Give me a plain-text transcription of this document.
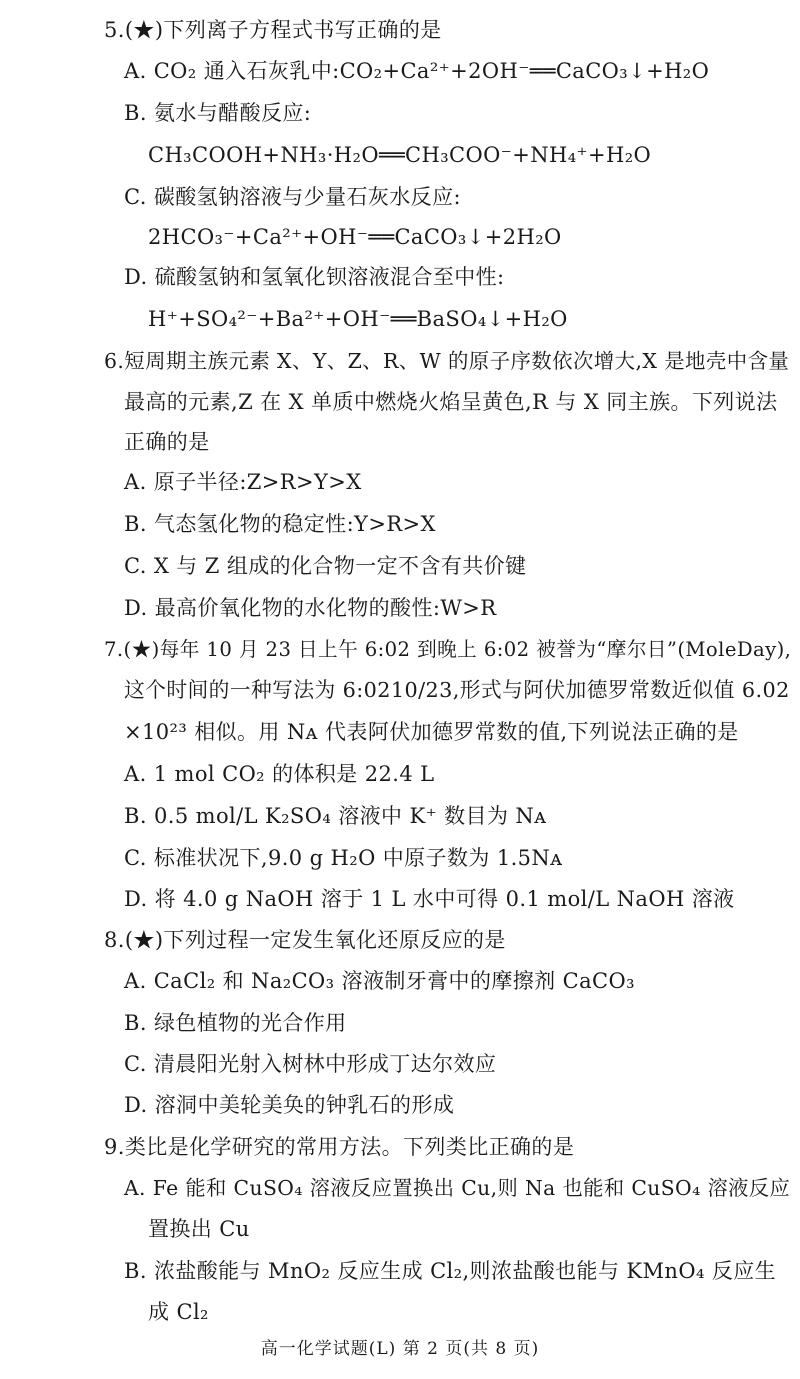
5.(★)下列离子方程式书写正确的是
A. CO₂ 通入石灰乳中:CO₂+Ca²⁺+2OH⁻══CaCO₃↓+H₂O
B. 氨水与醋酸反应:
CH₃COOH+NH₃·H₂O══CH₃COO⁻+NH₄⁺+H₂O
C. 碳酸氢钠溶液与少量石灰水反应:
2HCO₃⁻+Ca²⁺+OH⁻══CaCO₃↓+2H₂O
D. 硫酸氢钠和氢氧化钡溶液混合至中性:
H⁺+SO₄²⁻+Ba²⁺+OH⁻══BaSO₄↓+H₂O
6.短周期主族元素 X、Y、Z、R、W 的原子序数依次增大,X 是地壳中含量
最高的元素,Z 在 X 单质中燃烧火焰呈黄色,R 与 X 同主族。下列说法
正确的是
A. 原子半径:Z>R>Y>X
B. 气态氢化物的稳定性:Y>R>X
C. X 与 Z 组成的化合物一定不含有共价键
D. 最高价氧化物的水化物的酸性:W>R
7.(★)每年 10 月 23 日上午 6:02 到晚上 6:02 被誉为“摩尔日”(MoleDay),
这个时间的一种写法为 6:0210/23,形式与阿伏加德罗常数近似值 6.02
×10²³ 相似。用 Nᴀ 代表阿伏加德罗常数的值,下列说法正确的是
A. 1 mol CO₂ 的体积是 22.4 L
B. 0.5 mol/L K₂SO₄ 溶液中 K⁺ 数目为 Nᴀ
C. 标准状况下,9.0 g H₂O 中原子数为 1.5Nᴀ
D. 将 4.0 g NaOH 溶于 1 L 水中可得 0.1 mol/L NaOH 溶液
8.(★)下列过程一定发生氧化还原反应的是
A. CaCl₂ 和 Na₂CO₃ 溶液制牙膏中的摩擦剂 CaCO₃
B. 绿色植物的光合作用
C. 清晨阳光射入树林中形成丁达尔效应
D. 溶洞中美轮美奂的钟乳石的形成
9.类比是化学研究的常用方法。下列类比正确的是
A. Fe 能和 CuSO₄ 溶液反应置换出 Cu,则 Na 也能和 CuSO₄ 溶液反应
置换出 Cu
B. 浓盐酸能与 MnO₂ 反应生成 Cl₂,则浓盐酸也能与 KMnO₄ 反应生
成 Cl₂
高一化学试题(L) 第 2 页(共 8 页)
